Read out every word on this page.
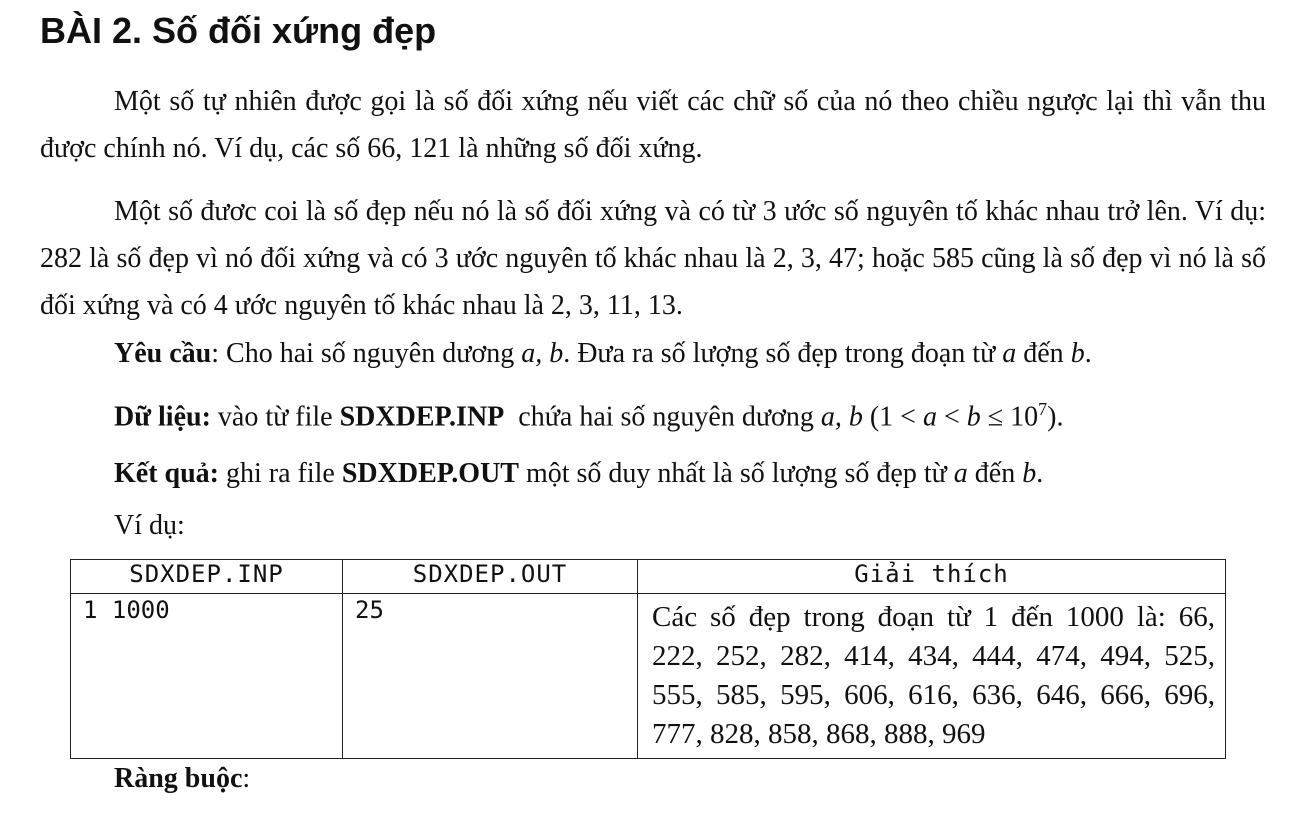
BÀI 2. Số đối xứng đẹp

Một số tự nhiên được gọi là số đối xứng nếu viết các chữ số của nó theo chiều ngược lại thì vẫn thu được chính nó. Ví dụ, các số 66, 121 là những số đối xứng.

Một số đươc coi là số đẹp nếu nó là số đối xứng và có từ 3 ước số nguyên tố khác nhau trở lên. Ví dụ: 282 là số đẹp vì nó đối xứng và có 3 ước nguyên tố khác nhau là 2, 3, 47; hoặc 585 cũng là số đẹp vì nó là số đối xứng và có 4 ước nguyên tố khác nhau là 2, 3, 11, 13.

Yêu cầu: Cho hai số nguyên dương a, b. Đưa ra số lượng số đẹp trong đoạn từ a đến b.

Dữ liệu: vào từ file SDXDEP.INP  chứa hai số nguyên dương a, b $(1 < a < b \le 10^7)$.

Kết quả: ghi ra file SDXDEP.OUT một số duy nhất là số lượng số đẹp từ a đến b.

Ví dụ:

SDXDEP.INP	SDXDEP.OUT	Giải thích
1 1000	25	Các số đẹp trong đoạn từ 1 đến 1000 là: 66, 222, 252, 282, 414, 434, 444, 474, 494, 525, 555, 585, 595, 606, 616, 636, 646, 666, 696, 777, 828, 858, 868, 888, 969

Ràng buộc:
